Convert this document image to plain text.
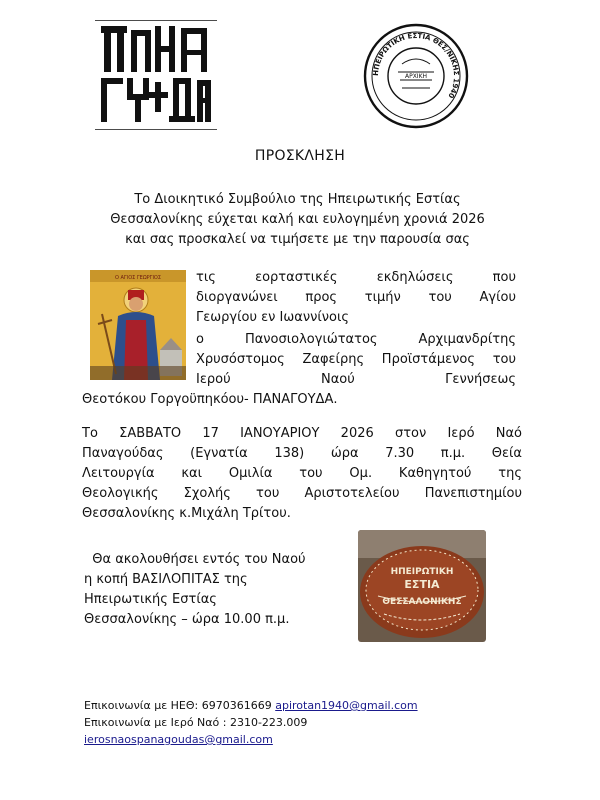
ΗΠΕΙΡΩΤΙΚΗ ΕΣΤΙΑ ΘΕΣ/ΝΙΚΗΣ 1940
ΑΡΧΙΚΗ
ΠΡΟΣΚΛΗΣΗ
Το Διοικητικό Συμβούλιο της Ηπειρωτικής Εστίας
Θεσσαλονίκης εύχεται καλή και ευλογημένη χρονιά 2026
και σας προσκαλεί να τιμήσετε με την παρουσία σας
Ο ΑΓΙΟΣ ΓΕΩΡΓΙΟΣ	τις εορταστικές εκδηλώσεις που
διοργανώνει προς τιμήν του Αγίου
Γεωργίου εν Ιωαννίνοις
ο Πανοσιολογιώτατος Αρχιμανδρίτης
Χρυσόστομος Ζαφείρης Προϊστάμενος του
Ιερού Ναού Γεννήσεως
Θεοτόκου Γοργοϋπηκόου- ΠΑΝΑΓΟΥΔΑ.
Το ΣΑΒΒΑΤΟ 17 ΙΑΝΟΥΑΡΙΟΥ 2026 στον Ιερό Ναό
Παναγούδας (Εγνατία 138) ώρα 7.30 π.μ. Θεία
Λειτουργία και Ομιλία του Ομ. Καθηγητού της
Θεολογικής Σχολής του Αριστοτελείου Πανεπιστημίου
Θεσσαλονίκης κ.Μιχάλη Τρίτου.
Θα ακολουθήσει εντός του Ναού
η κοπή ΒΑΣΙΛΟΠΙΤΑΣ της
Ηπειρωτικής Εστίας
Θεσσαλονίκης – ώρα 10.00 π.μ.
ΗΠΕΙΡΩΤΙΚΗ
ΕΣΤΙΑ
ΘΕΣΣΑΛΟΝΙΚΗΣ
Επικοινωνία με ΗΕΘ: 6970361669 apirotan1940@gmail.com
Επικοινωνία με Ιερό Ναό : 2310-223.009
ierosnaospanagoudas@gmail.com
